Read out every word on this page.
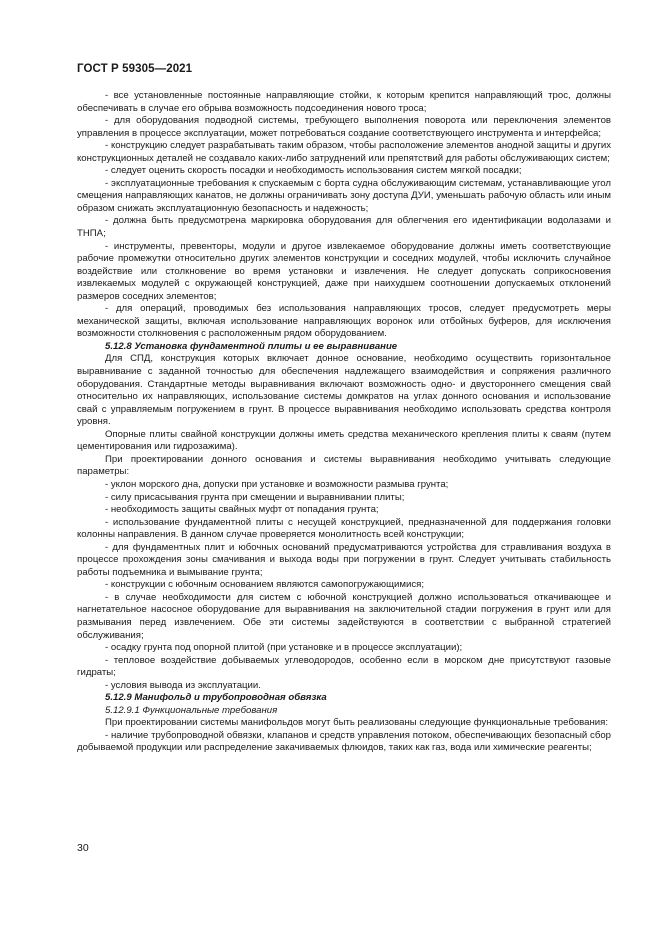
ГОСТ Р 59305—2021

- все установленные постоянные направляющие стойки, к которым крепится направляющий трос, должны обеспечивать в случае его обрыва возможность подсоединения нового троса;

- для оборудования подводной системы, требующего выполнения поворота или переключения элементов управления в процессе эксплуатации, может потребоваться создание соответствующего инструмента и интерфейса;

- конструкцию следует разрабатывать таким образом, чтобы расположение элементов анодной защиты и других конструкционных деталей не создавало каких-либо затруднений или препятствий для работы обслуживающих систем;

- следует оценить скорость посадки и необходимость использования систем мягкой посадки;

- эксплуатационные требования к спускаемым с борта судна обслуживающим системам, устанавливающие угол смещения направляющих канатов, не должны ограничивать зону доступа ДУИ, уменьшать рабочую область или иным образом снижать эксплуатационную безопасность и надежность;

- должна быть предусмотрена маркировка оборудования для облегчения его идентификации водолазами и ТНПА;

- инструменты, превенторы, модули и другое извлекаемое оборудование должны иметь соответствующие рабочие промежутки относительно других элементов конструкции и соседних модулей, чтобы исключить случайное воздействие или столкновение во время установки и извлечения. Не следует допускать соприкосновения извлекаемых модулей с окружающей конструкцией, даже при наихудшем соотношении допускаемых отклонений размеров соседних элементов;

- для операций, проводимых без использования направляющих тросов, следует предусмотреть меры механической защиты, включая использование направляющих воронок или отбойных буферов, для исключения возможности столкновения с расположенным рядом оборудованием.

5.12.8 Установка фундаментной плиты и ее выравнивание

Для СПД, конструкция которых включает донное основание, необходимо осуществить горизонтальное выравнивание с заданной точностью для обеспечения надлежащего взаимодействия и сопряжения различного оборудования. Стандартные методы выравнивания включают возможность одно- и двустороннего смещения свай относительно их направляющих, использование системы домкратов на углах донного основания и использование свай с управляемым погружением в грунт. В процессе выравнивания необходимо использовать средства контроля уровня.

Опорные плиты свайной конструкции должны иметь средства механического крепления плиты к сваям (путем цементирования или гидрозажима).

При проектировании донного основания и системы выравнивания необходимо учитывать следующие параметры:

- уклон морского дна, допуски при установке и возможности размыва грунта;

- силу присасывания грунта при смещении и выравнивании плиты;

- необходимость защиты свайных муфт от попадания грунта;

- использование фундаментной плиты с несущей конструкцией, предназначенной для поддержания головки колонны направления. В данном случае проверяется монолитность всей конструкции;

- для фундаментных плит и юбочных оснований предусматриваются устройства для стравливания воздуха в процессе прохождения зоны смачивания и выхода воды при погружении в грунт. Следует учитывать стабильность работы подъемника и вымывание грунта;

- конструкции с юбочным основанием являются самопогружающимися;

- в случае необходимости для систем с юбочной конструкцией должно использоваться откачивающее и нагнетательное насосное оборудование для выравнивания на заключительной стадии погружения в грунт или для размывания перед извлечением. Обе эти системы задействуются в соответствии с выбранной стратегией обслуживания;

- осадку грунта под опорной плитой (при установке и в процессе эксплуатации);

- тепловое воздействие добываемых углеводородов, особенно если в морском дне присутствуют газовые гидраты;

- условия вывода из эксплуатации.

5.12.9 Манифольд и трубопроводная обвязка

5.12.9.1 Функциональные требования

При проектировании системы манифольдов могут быть реализованы следующие функциональные требования:

- наличие трубопроводной обвязки, клапанов и средств управления потоком, обеспечивающих безопасный сбор добываемой продукции или распределение закачиваемых флюидов, таких как газ, вода или химические реагенты;

30
